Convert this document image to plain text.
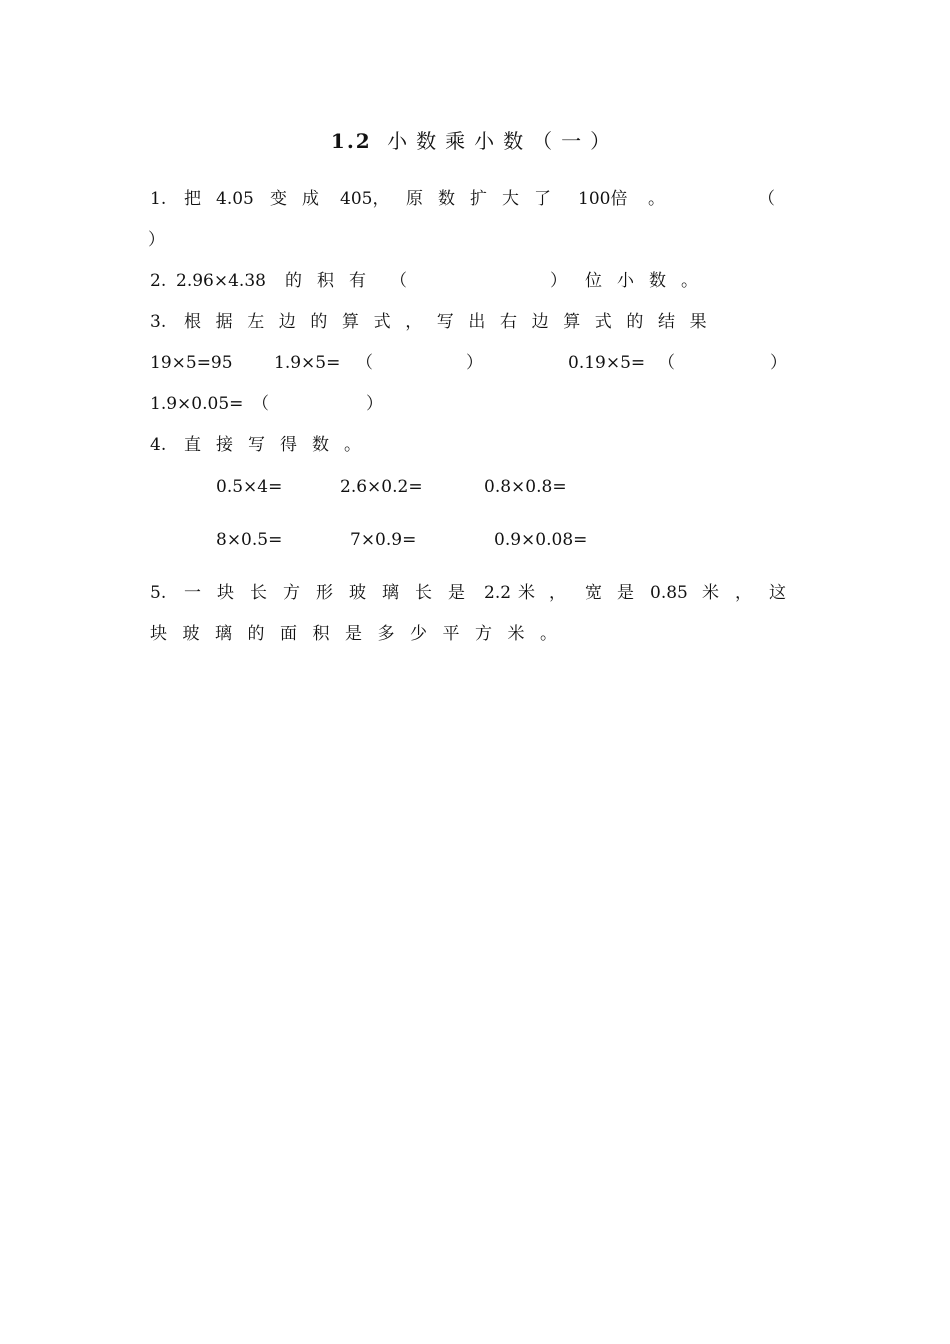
1.2 小数乘小数（一）
1. 把 4.05 变成 405， 原数扩大了 100倍 。	（
）
2. 2.96×4.38 的积有 （	） 位小数。
3. 根据左边的算式，写出右边算式的结果
19×5=95 1.9×5= （	）	0.19×5= （	）
1.9×0.05= （	）
4. 直接写得数。
0.5×4=	2.6×0.2=	0.8×0.8=
8×0.5=	7×0.9=	0.9×0.08=
5. 一块长方形玻璃长是 2.2 米， 宽是 0.85 米， 这
块玻璃的面积是多少平方米。
